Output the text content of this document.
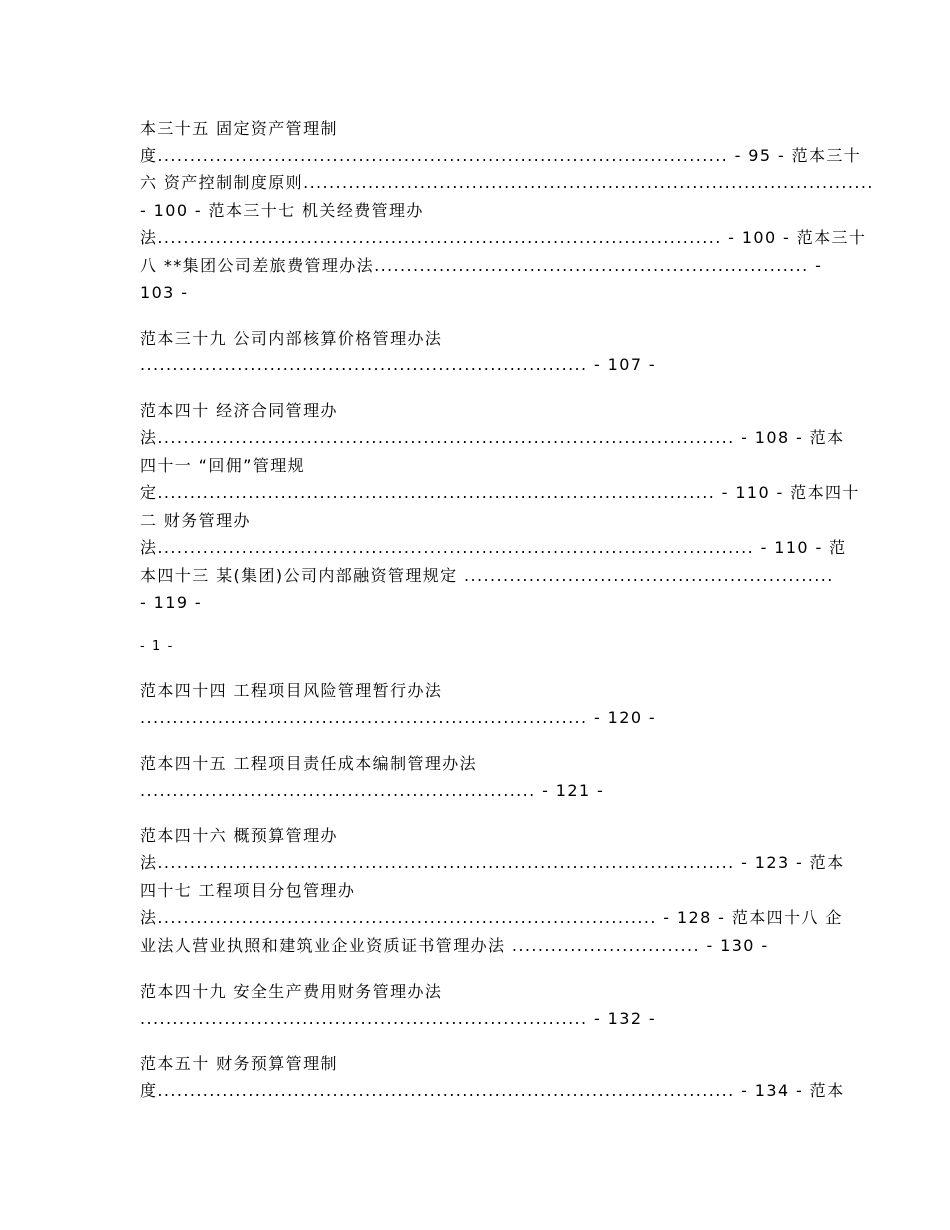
本三十五 固定资产管理制
度........................................................................................ - 95 - 范本三十
六 资产控制制度原则........................................................................................
- 100 - 范本三十七 机关经费管理办
法....................................................................................... - 100 - 范本三十
八 **集团公司差旅费管理办法................................................................... -
103 -
范本三十九 公司内部核算价格管理办法
..................................................................... - 107 -
范本四十 经济合同管理办
法......................................................................................... - 108 - 范本
四十一 “回佣”管理规
定...................................................................................... - 110 - 范本四十
二 财务管理办
法............................................................................................ - 110 - 范
本四十三 某(集团)公司内部融资管理规定 .........................................................
- 119 -
- 1 -
范本四十四 工程项目风险管理暂行办法
..................................................................... - 120 -
范本四十五 工程项目责任成本编制管理办法
............................................................. - 121 -
范本四十六 概预算管理办
法......................................................................................... - 123 - 范本
四十七 工程项目分包管理办
法............................................................................. - 128 - 范本四十八 企
业法人营业执照和建筑业企业资质证书管理办法 ............................. - 130 -
范本四十九 安全生产费用财务管理办法
..................................................................... - 132 -
范本五十 财务预算管理制
度......................................................................................... - 134 - 范本
